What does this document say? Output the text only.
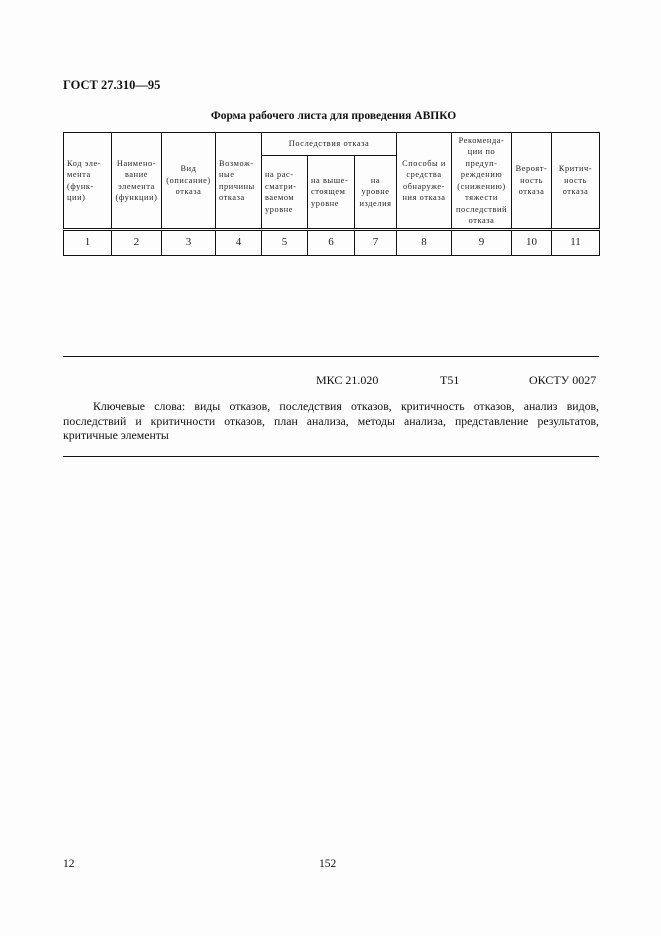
ГОСТ 27.310—95
Форма рабочего листа для проведения АВПКО
Код эле-мента (функ-ции)	Наимено-вание элемента (функции)	Вид (описание) отказа	Возмож-ные причины отказа	Последствия отказа			Способы и средства обнаруже-ния отказа	Рекоменда-ции по предуп-реждению (снижению) тяжести последствий отказа	Вероят-ность отказа	Критич-ность отказа
				на рас-сматри-ваемом уровне	на выше-стоящем уровне	на уровне изделия				
1	2	3	4	5	6	7	8	9	10	11
МКС 21.020	Т51	ОКСТУ 0027
Ключевые слова: виды отказов, последствия отказов, критичность отказов, анализ видов, последствий и критичности отказов, план анализа, методы анализа, представление результатов, критичные элементы
12	152
